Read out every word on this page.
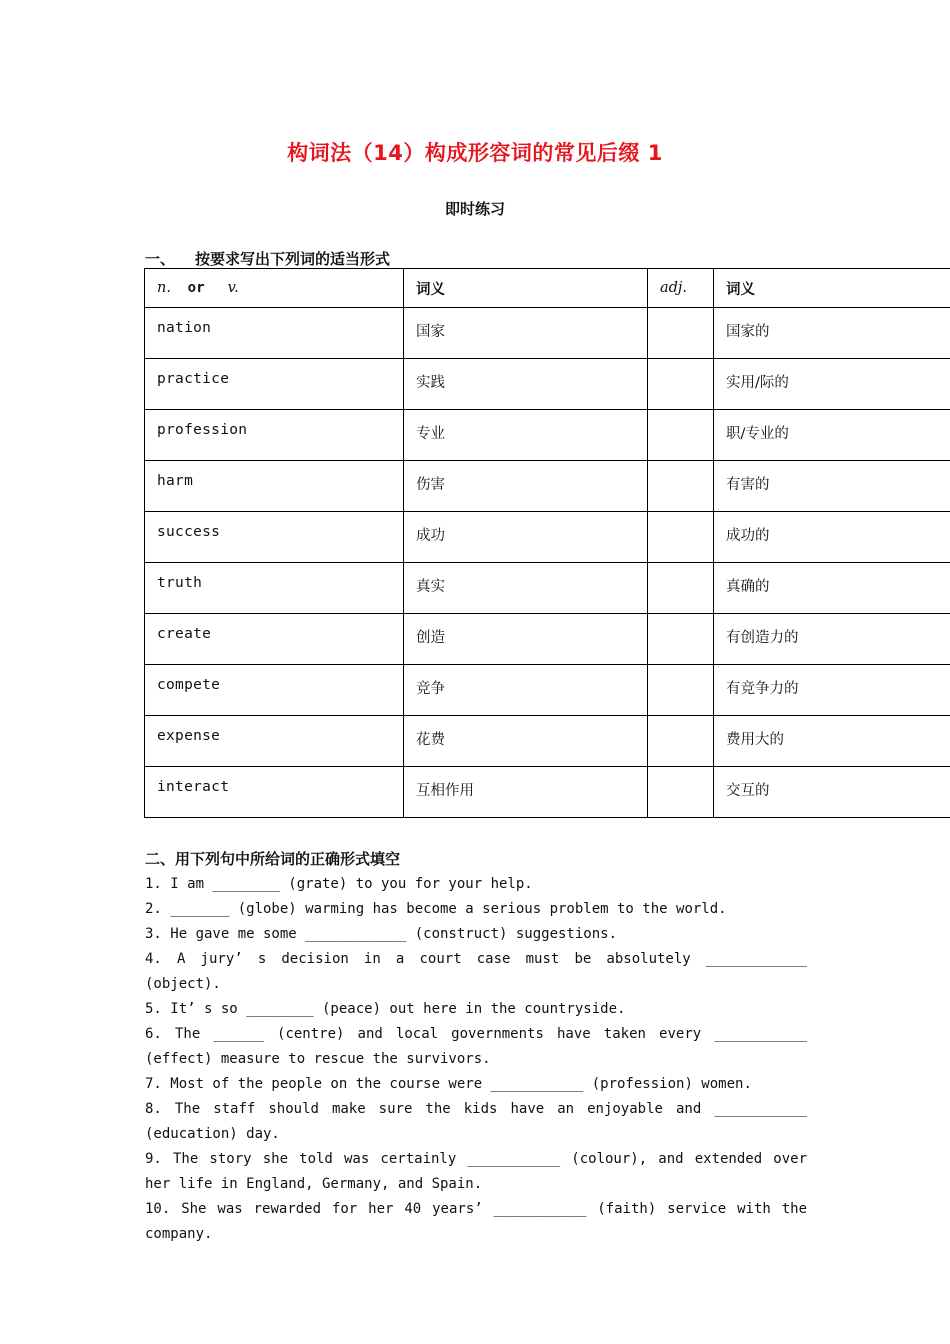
构词法（14）构成形容词的常见后缀 1
即时练习
一、 按要求写出下列词的适当形式
n. or v.	词义	adj.	词义
nation	国家		国家的
practice	实践		实用/际的
profession	专业		职/专业的
harm	伤害		有害的
success	成功		成功的
truth	真实		真确的
create	创造		有创造力的
compete	竞争		有竞争力的
expense	花费		费用大的
interact	互相作用		交互的
二、用下列句中所给词的正确形式填空

1. I am ________ (grate) to you for your help.

2. _______ (globe) warming has become a serious problem to the world.

3. He gave me some ____________ (construct) suggestions.

4. A jury’ s decision in a court case must be absolutely ____________ (object).

5. It’ s so ________ (peace) out here in the countryside.

6. The ______ (centre) and local governments have taken every ___________ (effect) measure to rescue the survivors.

7. Most of the people on the course were ___________ (profession) women.

8. The staff should make sure the kids have an enjoyable and ___________ (education) day.

9. The story she told was certainly ___________ (colour), and extended over her life in England, Germany, and Spain.

10. She was rewarded for her 40 years’ ___________ (faith) service with the company.
